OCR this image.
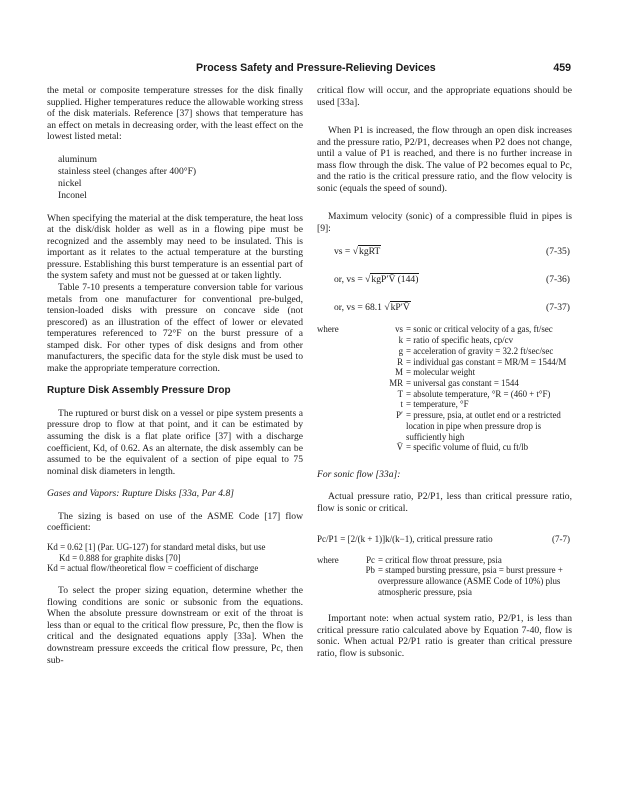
Process Safety and Pressure-Relieving Devices	459

the metal or composite temperature stresses for the disk finally supplied. Higher temperatures reduce the allowable working stress of the disk materials. Reference [37] shows that temperature has an effect on metals in decreasing order, with the least effect on the lowest listed metal:

aluminum
stainless steel (changes after 400°F)
nickel
Inconel

When specifying the material at the disk temperature, the heat loss at the disk/disk holder as well as in a flowing pipe must be recognized and the assembly may need to be insulated. This is important as it relates to the actual temperature at the bursting pressure. Establishing this burst temperature is an essential part of the system safety and must not be guessed at or taken lightly.

Table 7-10 presents a temperature conversion table for various metals from one manufacturer for conventional pre-bulged, tension-loaded disks with pressure on concave side (not prescored) as an illustration of the effect of lower or elevated temperatures referenced to 72°F on the burst pressure of a stamped disk. For other types of disk designs and from other manufacturers, the specific data for the style disk must be used to make the appropriate temperature correction.

Rupture Disk Assembly Pressure Drop

The ruptured or burst disk on a vessel or pipe system presents a pressure drop to flow at that point, and it can be estimated by assuming the disk is a flat plate orifice [37] with a discharge coefficient, Kd, of 0.62. As an alternate, the disk assembly can be assumed to be the equivalent of a section of pipe equal to 75 nominal disk diameters in length.

Gases and Vapors: Rupture Disks [33a, Par 4.8]

The sizing is based on use of the ASME Code [17] flow coefficient:

Kd = 0.62 [1] (Par. UG-127) for standard metal disks, but use
Kd = 0.888 for graphite disks [70]
Kd = actual flow/theoretical flow = coefficient of discharge

To select the proper sizing equation, determine whether the flowing conditions are sonic or subsonic from the equations. When the absolute pressure downstream or exit of the throat is less than or equal to the critical flow pressure, Pc, then the flow is critical and the designated equations apply [33a]. When the downstream pressure exceeds the critical flow pressure, Pc, then sub-

critical flow will occur, and the appropriate equations should be used [33a].

When P1 is increased, the flow through an open disk increases and the pressure ratio, P2/P1, decreases when P2 does not change, until a value of P1 is reached, and there is no further increase in mass flow through the disk. The value of P2 becomes equal to Pc, and the ratio is the critical pressure ratio, and the flow velocity is sonic (equals the speed of sound).

Maximum velocity (sonic) of a compressible fluid in pipes is [9]:

vs = √kgRT	(7-35)
or, vs = √kgP′V̄ (144)	(7-36)
or, vs = 68.1 √kP′V̄	(7-37)
where	vs = sonic or critical velocity of a gas, ft/sec
k = ratio of specific heats, cp/cv
g = acceleration of gravity = 32.2 ft/sec/sec
R = individual gas constant = MR/M = 1544/M
M = molecular weight
MR = universal gas constant = 1544
T = absolute temperature, °R = (460 + t°F)
t = temperature, °F
P′ = pressure, psia, at outlet end or a restricted location in pipe when pressure drop is sufficiently high
V̄ = specific volume of fluid, cu ft/lb

For sonic flow [33a]:

Actual pressure ratio, P2/P1, less than critical pressure ratio, flow is sonic or critical.

Pc/P1 = [2/(k + 1)]k/(k−1), critical pressure ratio	(7-7)
where	Pc = critical flow throat pressure, psia
Pb = stamped bursting pressure, psia = burst pressure + overpressure allowance (ASME Code of 10%) plus atmospheric pressure, psia

Important note: when actual system ratio, P2/P1, is less than critical pressure ratio calculated above by Equation 7-40, flow is sonic. When actual P2/P1 ratio is greater than critical pressure ratio, flow is subsonic.
